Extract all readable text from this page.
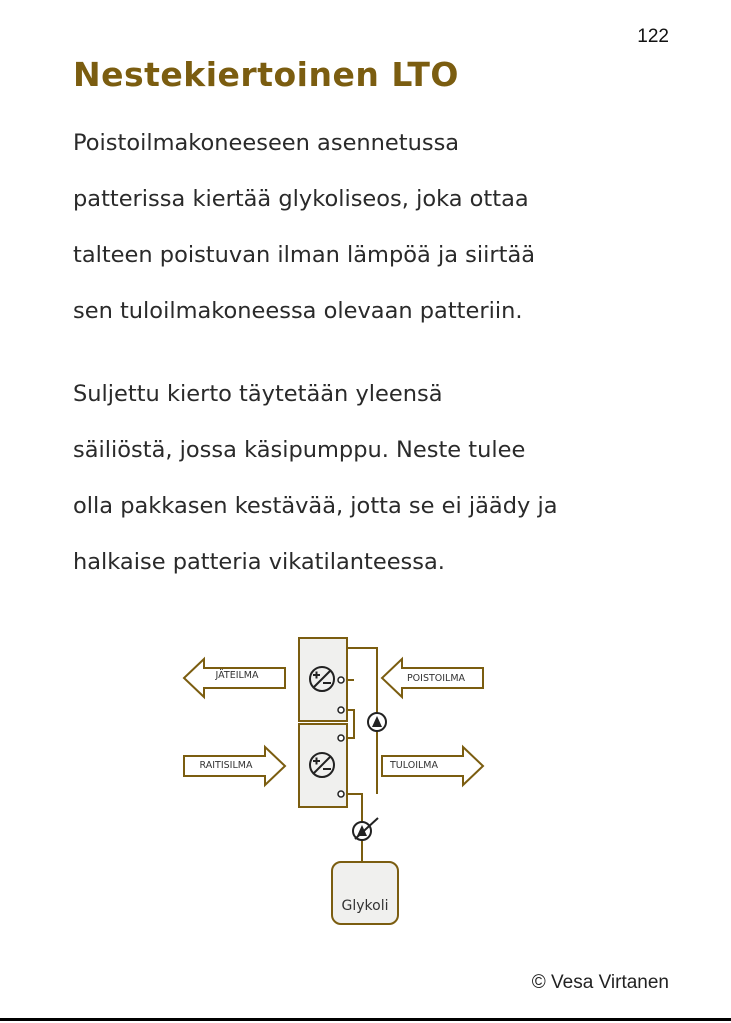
122
Nestekiertoinen LTO

Poistoilmakoneeseen asennetussa
patterissa kiertää glykoliseos, joka ottaa
talteen poistuvan ilman lämpöä ja siirtää
sen tuloilmakoneessa olevaan patteriin.

Suljettu kierto täytetään yleensä
säiliöstä, jossa käsipumppu. Neste tulee
olla pakkasen kestävää, jotta se ei jäädy ja
halkaise patteria vikatilanteessa.

Glykoli
JÄTEILMA	POISTOILMA
RAITISILMA	TULOILMA
© Vesa Virtanen
